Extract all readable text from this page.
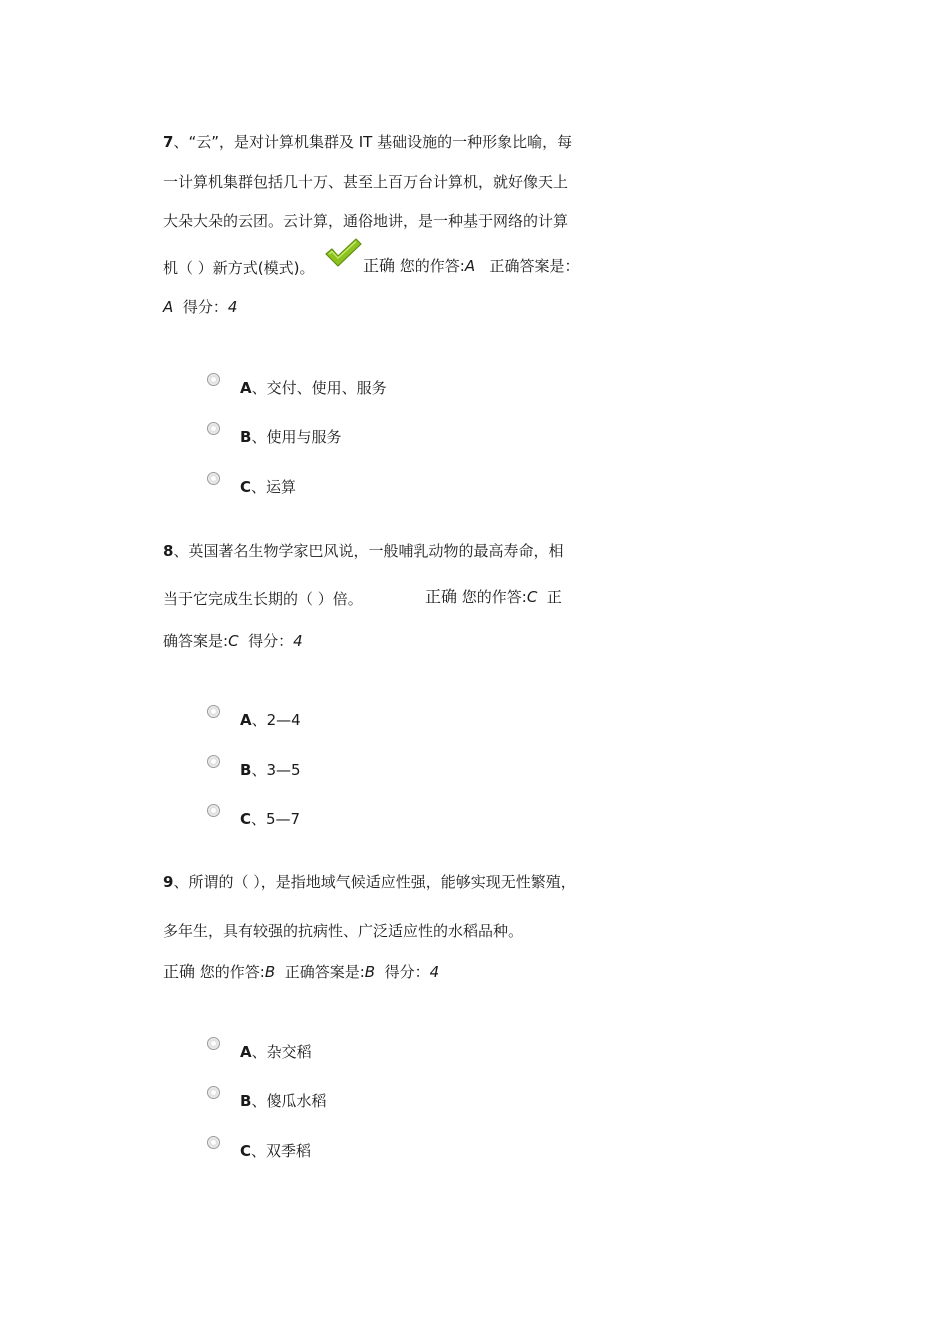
7、“云”，是对计算机集群及 IT 基础设施的一种形象比喻，每
一计算机集群包括几十万、甚至上百万台计算机，就好像天上
大朵大朵的云团。云计算，通俗地讲，是一种基于网络的计算
机（ ）新方式(模式)。	正确 您的作答:A 正确答案是：
A 得分：4
A、交付、使用、服务
B、使用与服务
C、运算
8、英国著名生物学家巴风说，一般哺乳动物的最高寿命，相
当于它完成生长期的（ ）倍。	正确 您的作答:C 正
确答案是:C 得分：4
A、2—4
B、3—5
C、5—7
9、所谓的（ ），是指地域气候适应性强，能够实现无性繁殖，
多年生，具有较强的抗病性、广泛适应性的水稻品种。
正确 您的作答:B 正确答案是:B 得分：4
A、杂交稻
B、傻瓜水稻
C、双季稻
